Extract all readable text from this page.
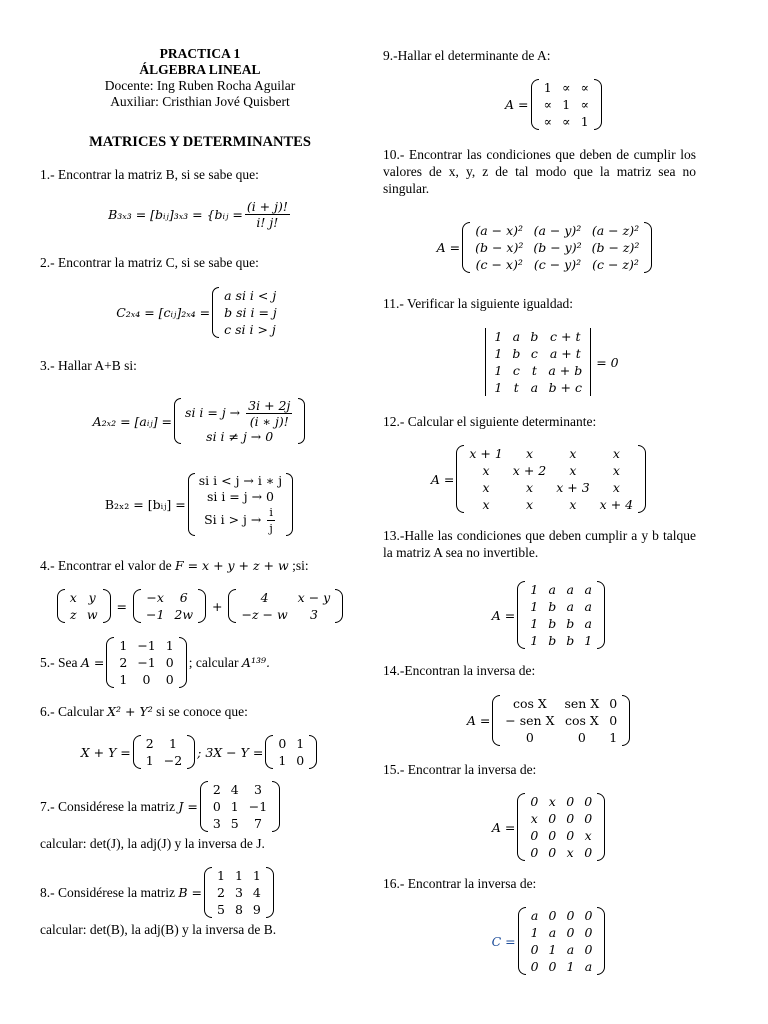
PRACTICA 1
ÁLGEBRA LINEAL
Docente: Ing Ruben Rocha Aguilar
Auxiliar: Cristhian Jové Quisbert
MATRICES Y DETERMINANTES
1.- Encontrar la matriz B, si se sabe que:
B₃ₓ₃ = [bᵢⱼ]₃ₓ₃ = {bᵢⱼ = $\frac{(i + j)!}{i! j!}$
2.- Encontrar la matriz C, si se sabe que:
C₂ₓ₄ = [cᵢⱼ]₂ₓ₄ =
a si i < j
b si i = j
c si i > j
3.- Hallar A+B si:
A₂ₓ₂ = [aᵢⱼ] =
si $i = j \to \frac{3i + 2j}{(i ∗ j)!}$
si i ≠ j → 0
B₂ₓ₂ = [bᵢⱼ] =
si i < j → i ∗ j
si i = j → 0
Si $i > j \to \frac{i}{j}$
4.- Encontrar el valor de F = x + y + z + w ;si:
x	y
z	w
=
−x	6
−1	2w
+
4	x − y
−z − w	3
5.- Sea
A =
1	−1	1
2	−1	0
1	0	0
; calcular
A¹³⁹.
6.- Calcular X² + Y² si se conoce que:
X + Y =
2	1
1	−2
; 3X − Y =
0	1
1	0
7.- Considérese la matriz
J =
2	4	3
0	1	−1
3	5	7
calcular: det(J), la adj(J) y la inversa de J.
8.- Considérese la matriz
B =
1	1	1
2	3	4
5	8	9
calcular: det(B), la adj(B) y la inversa de B.
9.-Hallar el determinante de A:
A =
1	∝	∝
∝	1	∝
∝	∝	1
10.- Encontrar las condiciones que deben de cumplir los valores de x, y, z de tal modo que la matriz sea no singular.
A =
(a − x)²	(a − y)²	(a − z)²
(b − x)²	(b − y)²	(b − z)²
(c − x)²	(c − y)²	(c − z)²
11.- Verificar la siguiente igualdad:
1	a	b	c + t
1	b	c	a + t
1	c	t	a + b
1	t	a	b + c
= 0
12.- Calcular el siguiente determinante:
A =
x + 1	x	x	x
x	x + 2	x	x
x	x	x + 3	x
x	x	x	x + 4
13.-Halle las condiciones que deben cumplir a y b talque la matriz A sea no invertible.
A =
1	a	a	a
1	b	a	a
1	b	b	a
1	b	b	1
14.-Encontran la inversa de:
A =
cos X	sen X	0
− sen X	cos X	0
0	0	1
15.- Encontrar la inversa de:
A =
0	x	0	0
x	0	0	0
0	0	0	x
0	0	x	0
16.- Encontrar la inversa de:
C =
a	0	0	0
1	a	0	0
0	1	a	0
0	0	1	a
